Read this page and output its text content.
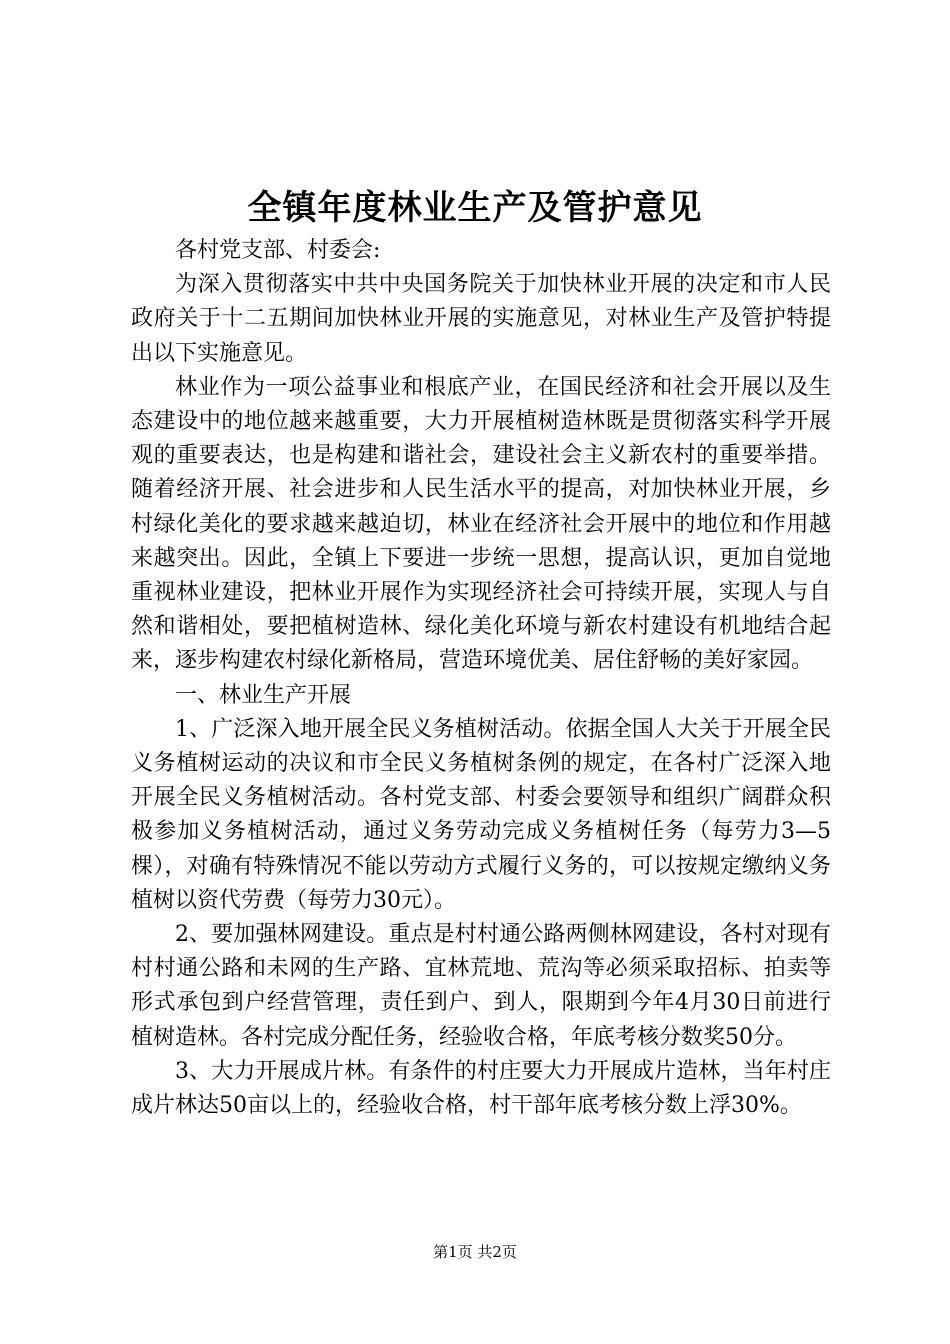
全镇年度林业生产及管护意见

各村党支部、村委会:

为深入贯彻落实中共中央国务院关于加快林业开展的决定和市人民政府关于十二五期间加快林业开展的实施意见，对林业生产及管护特提出以下实施意见。

林业作为一项公益事业和根底产业，在国民经济和社会开展以及生态建设中的地位越来越重要，大力开展植树造林既是贯彻落实科学开展观的重要表达，也是构建和谐社会，建设社会主义新农村的重要举措。随着经济开展、社会进步和人民生活水平的提高，对加快林业开展，乡村绿化美化的要求越来越迫切，林业在经济社会开展中的地位和作用越来越突出。因此，全镇上下要进一步统一思想，提高认识，更加自觉地重视林业建设，把林业开展作为实现经济社会可持续开展，实现人与自然和谐相处，要把植树造林、绿化美化环境与新农村建设有机地结合起来，逐步构建农村绿化新格局，营造环境优美、居住舒畅的美好家园。

一、林业生产开展

1、广泛深入地开展全民义务植树活动。依据全国人大关于开展全民义务植树运动的决议和市全民义务植树条例的规定，在各村广泛深入地开展全民义务植树活动。各村党支部、村委会要领导和组织广阔群众积极参加义务植树活动，通过义务劳动完成义务植树任务（每劳力3—5棵），对确有特殊情况不能以劳动方式履行义务的，可以按规定缴纳义务植树以资代劳费（每劳力30元）。

2、要加强林网建设。重点是村村通公路两侧林网建设，各村对现有村村通公路和未网的生产路、宜林荒地、荒沟等必须采取招标、拍卖等形式承包到户经营管理，责任到户、到人，限期到今年4月30日前进行植树造林。各村完成分配任务，经验收合格，年底考核分数奖50分。

3、大力开展成片林。有条件的村庄要大力开展成片造林，当年村庄成片林达50亩以上的，经验收合格，村干部年底考核分数上浮30%。

第1页 共2页
